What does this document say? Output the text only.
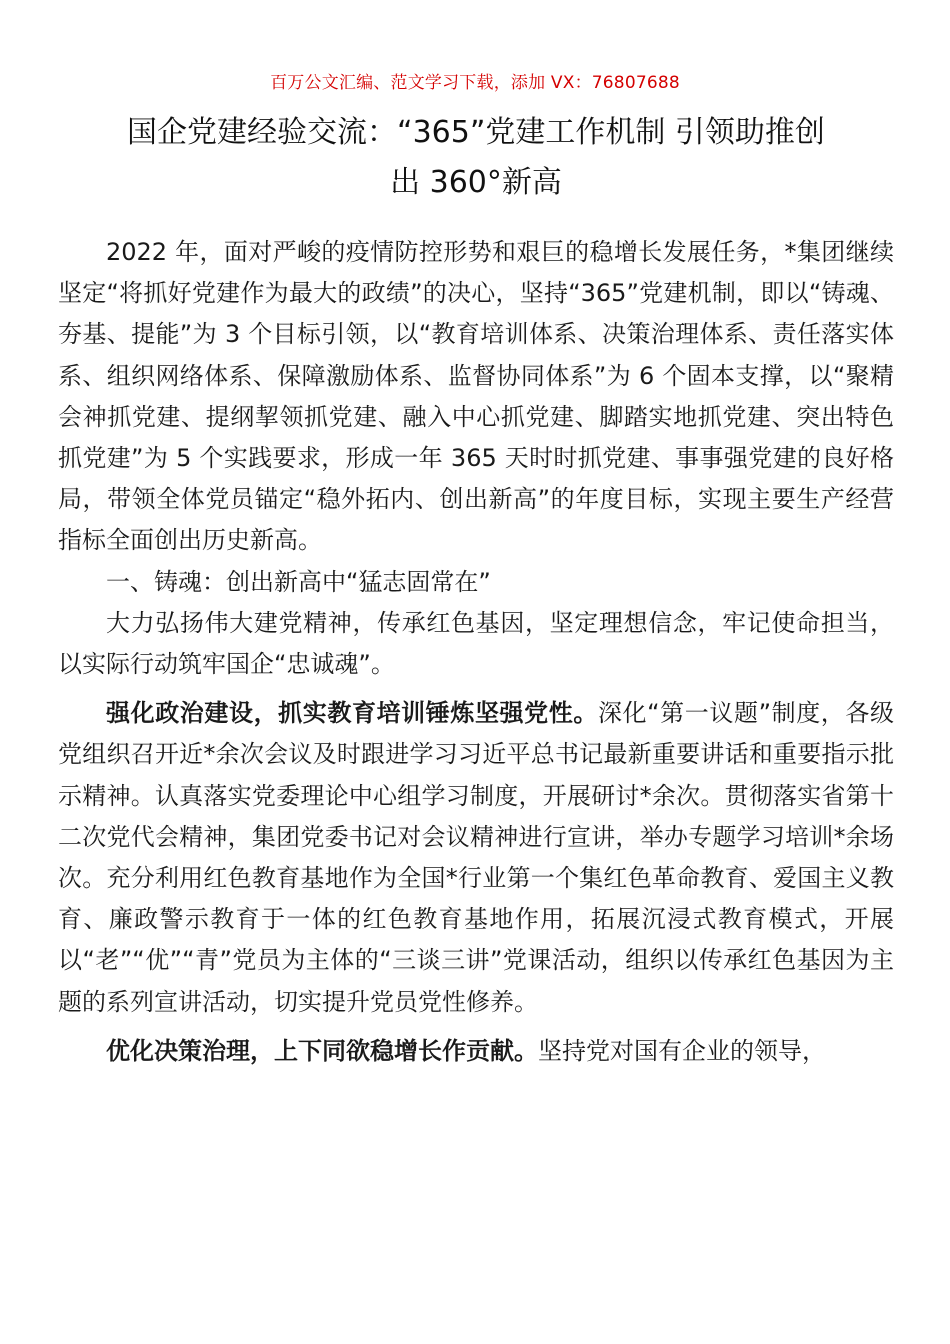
百万公文汇编、范文学习下载，添加 VX：76807688
国企党建经验交流：“365”党建工作机制 引领助推创
出 360°新高

2022 年，面对严峻的疫情防控形势和艰巨的稳增长发展任务，*集团继续坚定“将抓好党建作为最大的政绩”的决心，坚持“365”党建机制，即以“铸魂、夯基、提能”为 3 个目标引领，以“教育培训体系、决策治理体系、责任落实体系、组织网络体系、保障激励体系、监督协同体系”为 6 个固本支撑，以“聚精会神抓党建、提纲挈领抓党建、融入中心抓党建、脚踏实地抓党建、突出特色抓党建”为 5 个实践要求，形成一年 365 天时时抓党建、事事强党建的良好格局，带领全体党员锚定“稳外拓内、创出新高”的年度目标，实现主要生产经营指标全面创出历史新高。

一、铸魂：创出新高中“猛志固常在”

大力弘扬伟大建党精神，传承红色基因，坚定理想信念，牢记使命担当，以实际行动筑牢国企“忠诚魂”。

强化政治建设，抓实教育培训锤炼坚强党性。深化“第一议题”制度，各级党组织召开近*余次会议及时跟进学习习近平总书记最新重要讲话和重要指示批示精神。认真落实党委理论中心组学习制度，开展研讨*余次。贯彻落实省第十二次党代会精神，集团党委书记对会议精神进行宣讲，举办专题学习培训*余场次。充分利用红色教育基地作为全国*行业第一个集红色革命教育、爱国主义教育、廉政警示教育于一体的红色教育基地作用，拓展沉浸式教育模式，开展以“老”“优”“青”党员为主体的“三谈三讲”党课活动，组织以传承红色基因为主题的系列宣讲活动，切实提升党员党性修养。

优化决策治理，上下同欲稳增长作贡献。坚持党对国有企业的领导，
